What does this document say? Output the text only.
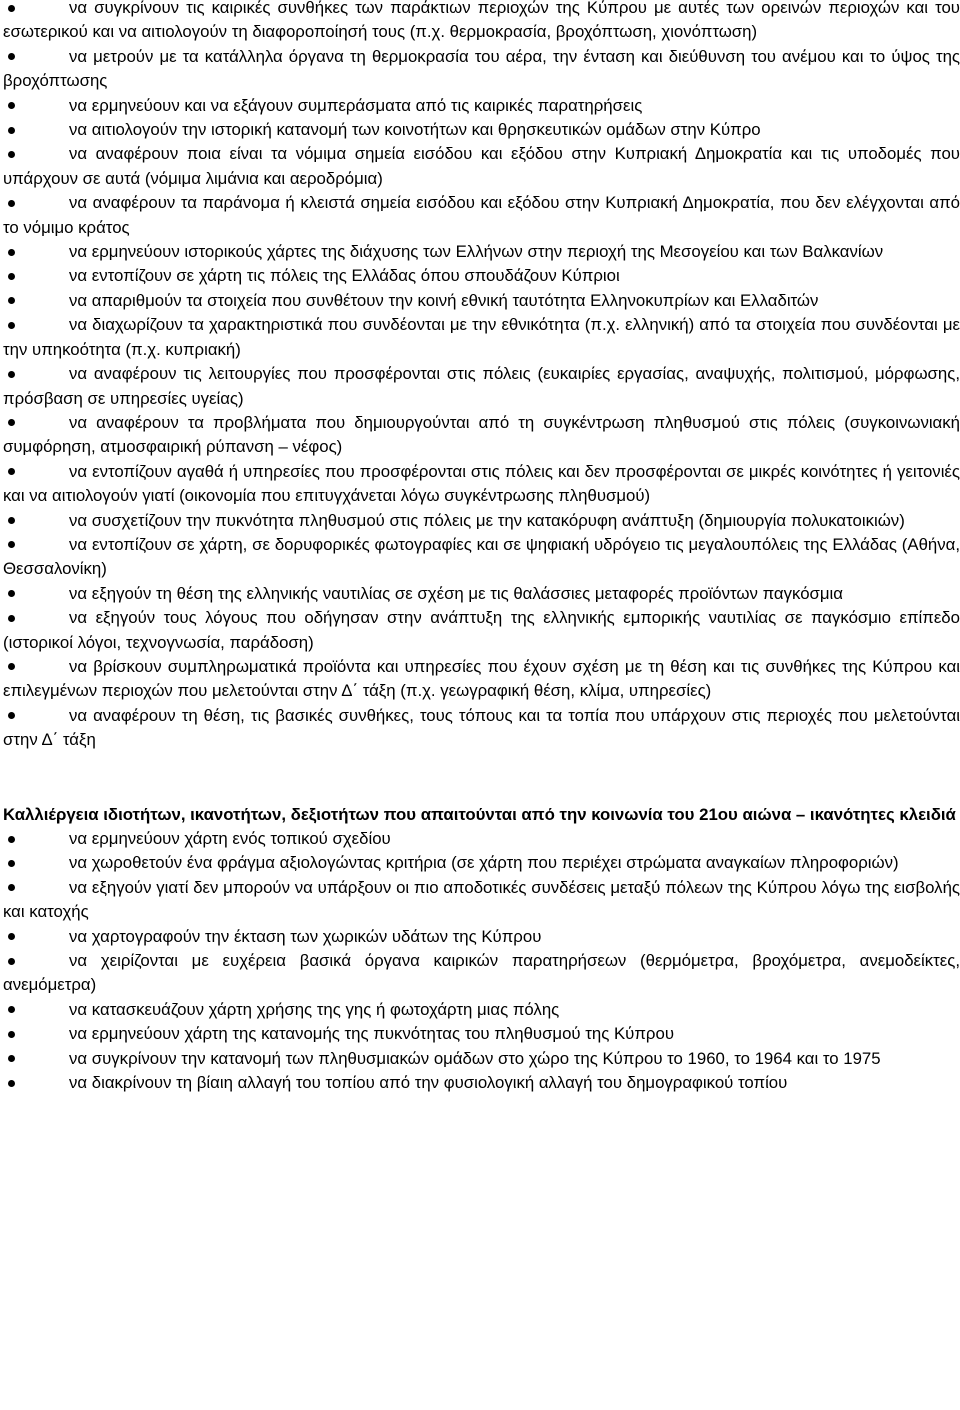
να συγκρίνουν τις καιρικές συνθήκες των παράκτιων περιοχών της Κύπρου με αυτές των ορεινών περιοχών και του εσωτερικού και να αιτιολογούν τη διαφοροποίησή τους (π.χ. θερμοκρασία, βροχόπτωση, χιονόπτωση)
να μετρούν με τα κατάλληλα όργανα τη θερμοκρασία του αέρα, την ένταση και διεύθυνση του ανέμου και το ύψος της βροχόπτωσης
να ερμηνεύουν και να εξάγουν συμπεράσματα από τις καιρικές παρατηρήσεις
να αιτιολογούν την ιστορική κατανομή των κοινοτήτων και θρησκευτικών ομάδων στην Κύπρο
να αναφέρουν ποια είναι τα νόμιμα σημεία εισόδου και εξόδου στην Κυπριακή Δημοκρατία και τις υποδομές που υπάρχουν σε αυτά (νόμιμα λιμάνια και αεροδρόμια)
να αναφέρουν τα παράνομα ή κλειστά σημεία εισόδου και εξόδου στην Κυπριακή Δημοκρατία, που δεν ελέγχονται από το νόμιμο κράτος
να ερμηνεύουν ιστορικούς χάρτες της διάχυσης των Ελλήνων στην περιοχή της Μεσογείου και των Βαλκανίων
να εντοπίζουν σε χάρτη τις πόλεις της Ελλάδας όπου σπουδάζουν Κύπριοι
να απαριθμούν τα στοιχεία που συνθέτουν την κοινή εθνική ταυτότητα Ελληνοκυπρίων και Ελλαδιτών
να διαχωρίζουν τα χαρακτηριστικά που συνδέονται με την εθνικότητα (π.χ. ελληνική) από τα στοιχεία που συνδέονται με την υπηκοότητα (π.χ. κυπριακή)
να αναφέρουν τις λειτουργίες που προσφέρονται στις πόλεις (ευκαιρίες εργασίας, αναψυχής, πολιτισμού, μόρφωσης, πρόσβαση σε υπηρεσίες υγείας)
να αναφέρουν τα προβλήματα που δημιουργούνται από τη συγκέντρωση πληθυσμού στις πόλεις (συγκοινωνιακή συμφόρηση, ατμοσφαιρική ρύπανση – νέφος)
να εντοπίζουν αγαθά ή υπηρεσίες που προσφέρονται στις πόλεις και δεν προσφέρονται σε μικρές κοινότητες ή γειτονιές και να αιτιολογούν γιατί (οικονομία που επιτυγχάνεται λόγω συγκέντρωσης πληθυσμού)
να συσχετίζουν την πυκνότητα πληθυσμού στις πόλεις με την κατακόρυφη ανάπτυξη (δημιουργία πολυκατοικιών)
να εντοπίζουν σε χάρτη, σε δορυφορικές φωτογραφίες και σε ψηφιακή υδρόγειο τις μεγαλουπόλεις της Ελλάδας (Αθήνα, Θεσσαλονίκη)
να εξηγούν τη θέση της ελληνικής ναυτιλίας σε σχέση με τις θαλάσσιες μεταφορές προϊόντων παγκόσμια
να εξηγούν τους λόγους που οδήγησαν στην ανάπτυξη της ελληνικής εμπορικής ναυτιλίας σε παγκόσμιο επίπεδο (ιστορικοί λόγοι, τεχνογνωσία, παράδοση)
να βρίσκουν συμπληρωματικά προϊόντα και υπηρεσίες που έχουν σχέση με τη θέση και τις συνθήκες της Κύπρου και επιλεγμένων περιοχών που μελετούνται στην Δ΄ τάξη (π.χ. γεωγραφική θέση, κλίμα, υπηρεσίες)
να αναφέρουν τη θέση, τις βασικές συνθήκες, τους τόπους και τα τοπία που υπάρχουν στις περιοχές που μελετούνται στην Δ΄ τάξη

Καλλιέργεια ιδιοτήτων, ικανοτήτων, δεξιοτήτων που απαιτούνται από την κοινωνία του 21ου αιώνα – ικανότητες κλειδιά

να ερμηνεύουν χάρτη ενός τοπικού σχεδίου
να χωροθετούν ένα φράγμα αξιολογώντας κριτήρια (σε χάρτη που περιέχει στρώματα αναγκαίων πληροφοριών)
να εξηγούν γιατί δεν μπορούν να υπάρξουν οι πιο αποδοτικές συνδέσεις μεταξύ πόλεων της Κύπρου λόγω της εισβολής και κατοχής
να χαρτογραφούν την έκταση των χωρικών υδάτων της Κύπρου
να χειρίζονται με ευχέρεια βασικά όργανα καιρικών παρατηρήσεων (θερμόμετρα, βροχόμετρα, ανεμοδείκτες, ανεμόμετρα)
να κατασκευάζουν χάρτη χρήσης της γης ή φωτοχάρτη μιας πόλης
να ερμηνεύουν χάρτη της κατανομής της πυκνότητας του πληθυσμού της Κύπρου
να συγκρίνουν την κατανομή των πληθυσμιακών ομάδων στο χώρο της Κύπρου το 1960, το 1964 και το 1975
να διακρίνουν τη βίαιη αλλαγή του τοπίου από την φυσιολογική αλλαγή του δημογραφικού τοπίου
